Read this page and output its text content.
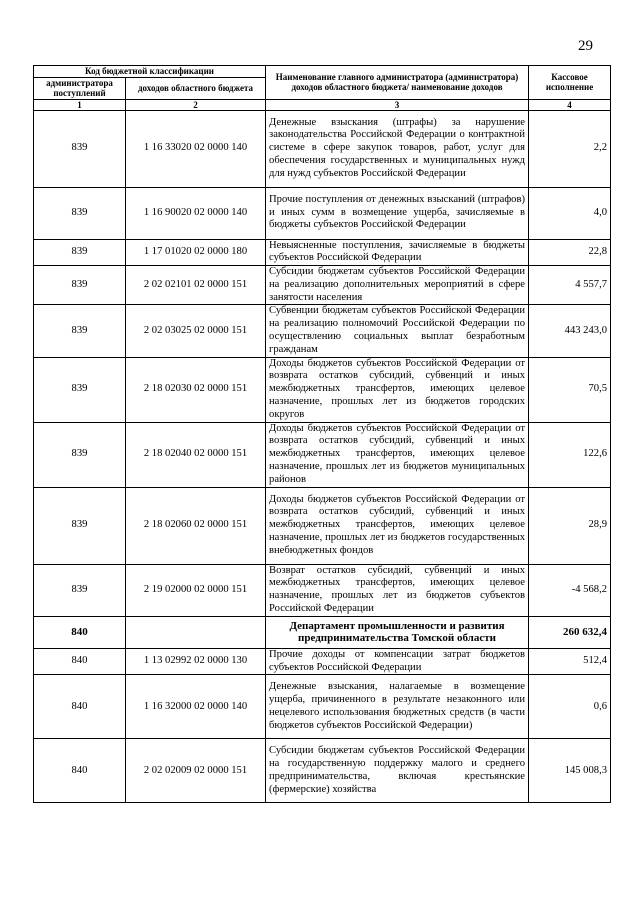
29
Код бюджетной классификации		Наименование главного администратора (администратора) доходов областного бюджета/ наименование доходов	Кассовое исполнение
администратора поступлений	доходов областного бюджета		
1	2	3	4
839	1 16 33020 02 0000 140	Денежные взыскания (штрафы) за нарушение законодательства Российской Федерации о контрактной системе в сфере закупок товаров, работ, услуг для обеспечения государственных и муниципальных нужд для нужд субъектов Российской Федерации	2,2
839	1 16 90020 02 0000 140	Прочие поступления от денежных взысканий (штрафов) и иных сумм в возмещение ущерба, зачисляемые в бюджеты субъектов Российской Федерации	4,0
839	1 17 01020 02 0000 180	Невыясненные поступления, зачисляемые в бюджеты субъектов Российской Федерации	22,8
839	2 02 02101 02 0000 151	Субсидии бюджетам субъектов Российской Федерации на реализацию дополнительных мероприятий в сфере занятости населения	4 557,7
839	2 02 03025 02 0000 151	Субвенции бюджетам субъектов Российской Федерации на реализацию полномочий Российской Федерации по осуществлению социальных выплат безработным гражданам	443 243,0
839	2 18 02030 02 0000 151	Доходы бюджетов субъектов Российской Федерации от возврата остатков субсидий, субвенций и иных межбюджетных трансфертов, имеющих целевое назначение, прошлых лет из бюджетов городских округов	70,5
839	2 18 02040 02 0000 151	Доходы бюджетов субъектов Российской Федерации от возврата остатков субсидий, субвенций и иных межбюджетных трансфертов, имеющих целевое назначение, прошлых лет из бюджетов муниципальных районов	122,6
839	2 18 02060 02 0000 151	Доходы бюджетов субъектов Российской Федерации от возврата остатков субсидий, субвенций и иных межбюджетных трансфертов, имеющих целевое назначение, прошлых лет из бюджетов государственных внебюджетных фондов	28,9
839	2 19 02000 02 0000 151	Возврат остатков субсидий, субвенций и иных межбюджетных трансфертов, имеющих целевое назначение, прошлых лет из бюджетов субъектов Российской Федерации	-4 568,2
840		Департамент промышленности и развития предпринимательства Томской области	260 632,4
840	1 13 02992 02 0000 130	Прочие доходы от компенсации затрат бюджетов субъектов Российской Федерации	512,4
840	1 16 32000 02 0000 140	Денежные взыскания, налагаемые в возмещение ущерба, причиненного в результате незаконного или нецелевого использования бюджетных средств (в части бюджетов субъектов Российской Федерации)	0,6
840	2 02 02009 02 0000 151	Субсидии бюджетам субъектов Российской Федерации на государственную поддержку малого и среднего предпринимательства, включая крестьянские (фермерские) хозяйства	145 008,3
